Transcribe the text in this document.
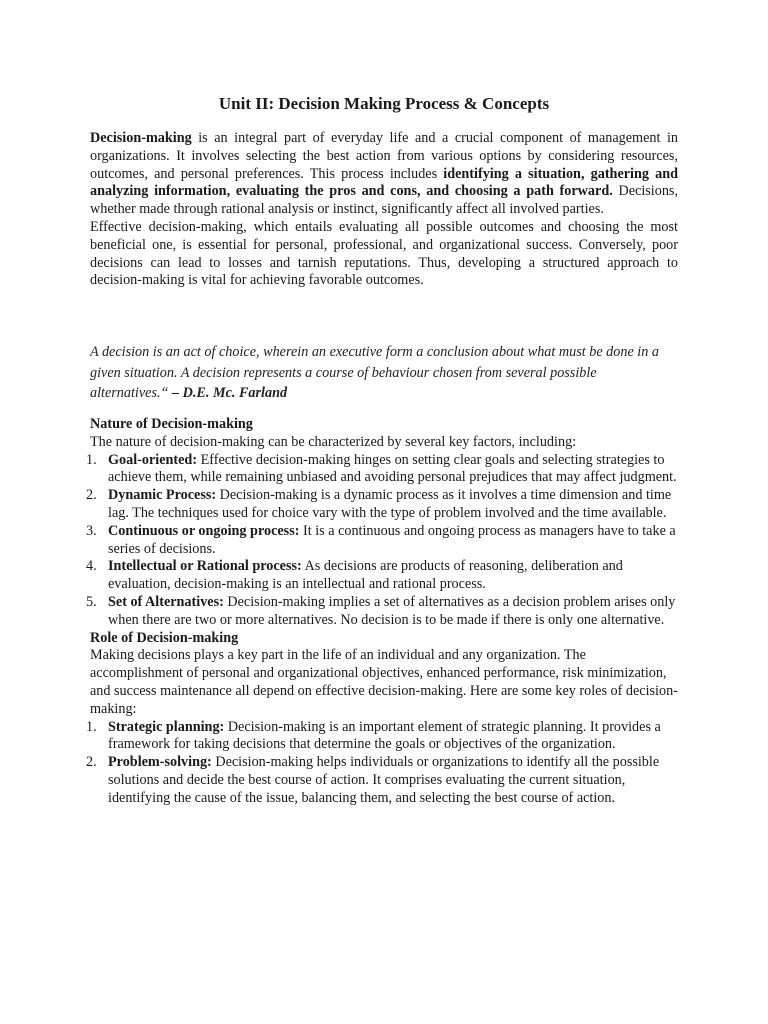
Unit II: Decision Making Process & Concepts
Decision-making is an integral part of everyday life and a crucial component of management in organizations. It involves selecting the best action from various options by considering resources, outcomes, and personal preferences. This process includes identifying a situation, gathering and analyzing information, evaluating the pros and cons, and choosing a path forward. Decisions, whether made through rational analysis or instinct, significantly affect all involved parties.
Effective decision-making, which entails evaluating all possible outcomes and choosing the most beneficial one, is essential for personal, professional, and organizational success. Conversely, poor decisions can lead to losses and tarnish reputations. Thus, developing a structured approach to decision-making is vital for achieving favorable outcomes.
A decision is an act of choice, wherein an executive form a conclusion about what must be done in a given situation. A decision represents a course of behaviour chosen from several possible alternatives.“ – D.E. Mc. Farland
Nature of Decision-making
The nature of decision-making can be characterized by several key factors, including:
1. Goal-oriented: Effective decision-making hinges on setting clear goals and selecting strategies to achieve them, while remaining unbiased and avoiding personal prejudices that may affect judgment.
2. Dynamic Process: Decision-making is a dynamic process as it involves a time dimension and time lag. The techniques used for choice vary with the type of problem involved and the time available.
3. Continuous or ongoing process: It is a continuous and ongoing process as managers have to take a series of decisions.
4. Intellectual or Rational process: As decisions are products of reasoning, deliberation and evaluation, decision-making is an intellectual and rational process.
5. Set of Alternatives: Decision-making implies a set of alternatives as a decision problem arises only when there are two or more alternatives. No decision is to be made if there is only one alternative.
Role of Decision-making
Making decisions plays a key part in the life of an individual and any organization. The accomplishment of personal and organizational objectives, enhanced performance, risk minimization, and success maintenance all depend on effective decision-making. Here are some key roles of decision-making:
1. Strategic planning: Decision-making is an important element of strategic planning. It provides a framework for taking decisions that determine the goals or objectives of the organization.
2. Problem-solving: Decision-making helps individuals or organizations to identify all the possible solutions and decide the best course of action. It comprises evaluating the current situation, identifying the cause of the issue, balancing them, and selecting the best course of action.
